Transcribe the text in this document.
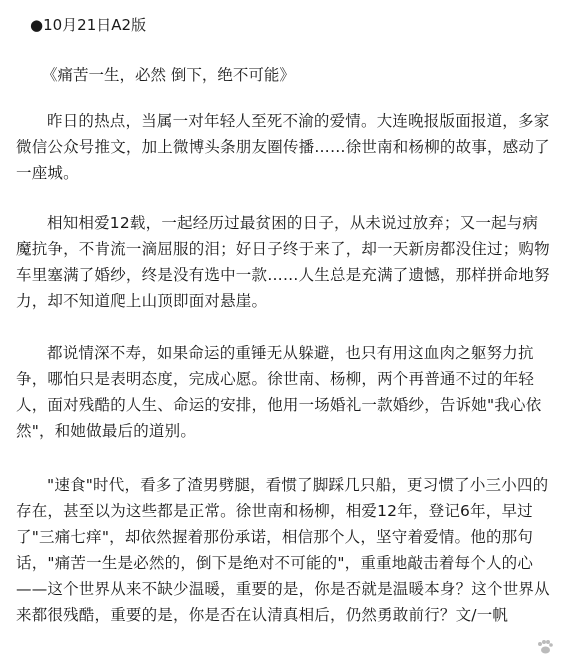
●10月21日A2版
《痛苦一生，必然 倒下，绝不可能》

昨日的热点，当属一对年轻人至死不渝的爱情。大连晚报版面报道，多家微信公众号推文，加上微博头条朋友圈传播……徐世南和杨柳的故事，感动了一座城。

相知相爱12载，一起经历过最贫困的日子，从未说过放弃；又一起与病魔抗争，不肯流一滴屈服的泪；好日子终于来了，却一天新房都没住过；购物车里塞满了婚纱，终是没有选中一款……人生总是充满了遗憾，那样拼命地努力，却不知道爬上山顶即面对悬崖。

都说情深不寿，如果命运的重锤无从躲避，也只有用这血肉之躯努力抗争，哪怕只是表明态度，完成心愿。徐世南、杨柳，两个再普通不过的年轻人，面对残酷的人生、命运的安排，他用一场婚礼一款婚纱，告诉她"我心依然"，和她做最后的道别。

"速食"时代，看多了渣男劈腿，看惯了脚踩几只船，更习惯了小三小四的存在，甚至以为这些都是正常。徐世南和杨柳，相爱12年，登记6年，早过了"三痛七痒"，却依然握着那份承诺，相信那个人，坚守着爱情。他的那句话，"痛苦一生是必然的，倒下是绝对不可能的"，重重地敲击着每个人的心——这个世界从来不缺少温暖，重要的是，你是否就是温暖本身？这个世界从来都很残酷，重要的是，你是否在认清真相后，仍然勇敢前行？文/一帆
